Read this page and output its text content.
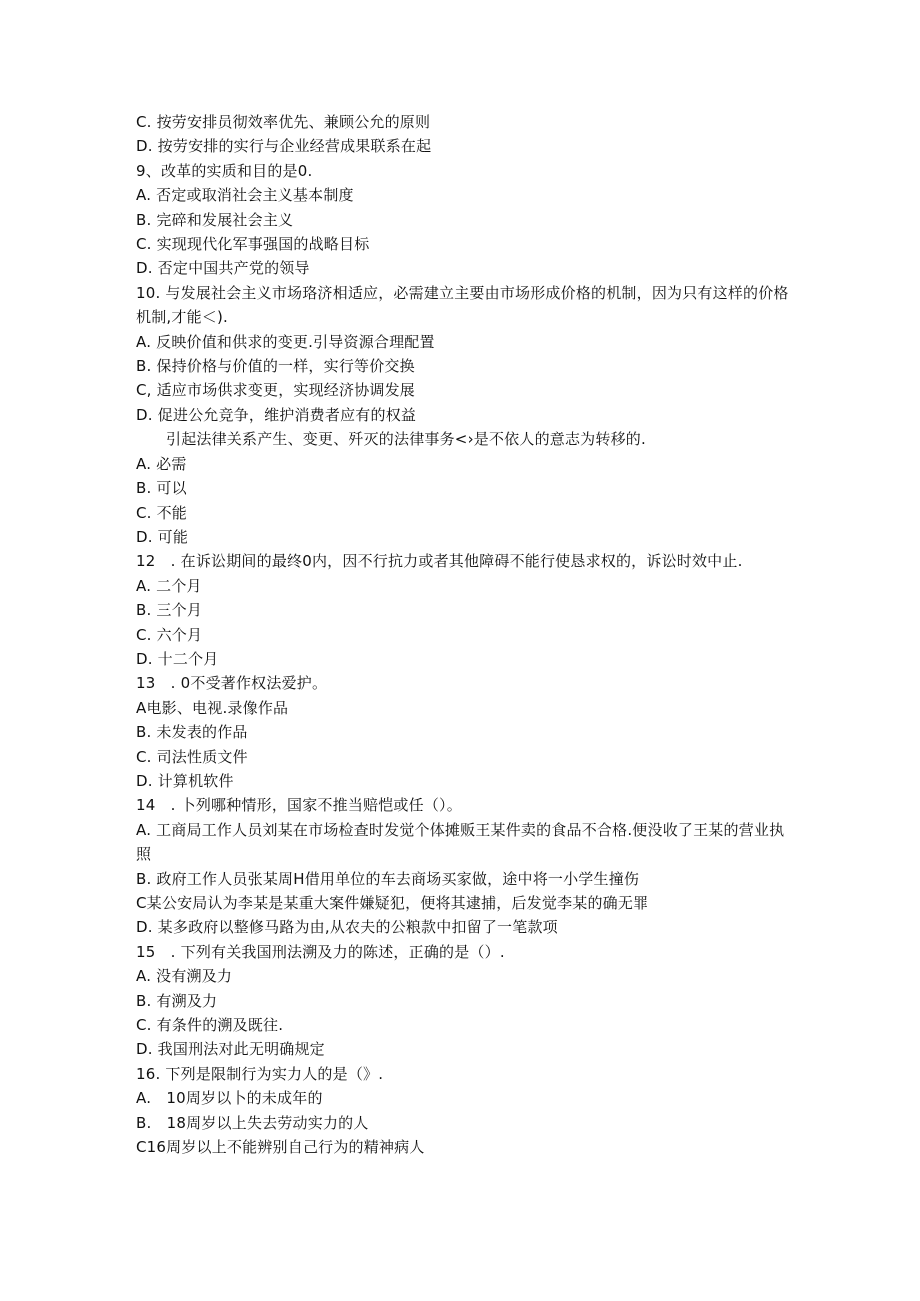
C. 按劳安排员彻效率优先、兼顾公允的原则
D. 按劳安排的实行与企业经营成果联系在起
9、改革的实质和目的是0.
A. 否定或取消社会主义基本制度
B. 完碎和发展社会主义
C. 实现现代化军事强国的战略目标
D. 否定中国共产党的领导
10. 与发展社会主义市场珞济相适应，必需建立主要由市场形成价格的机制，因为只有这样的价格机制,才能＜).
A. 反映价值和供求的变更.引导资源合理配置
B. 保持价格与价值的一样，实行等价交换
C, 适应市场供求变更，实现经济协调发展
D. 促进公允竞争，维护消费者应有的权益
引起法律关系产生、变更、歼灭的法律事务<›是不依人的意志为转移的.
A. 必需
B. 可以
C. 不能
D. 可能
12　. 在诉讼期间的最终0内，因不行抗力或者其他障碍不能行使恳求权的，诉讼时效中止.
A. 二个月
B. 三个月
C. 六个月
D. 十二个月
13　. 0不受著作权法爱护。
A电影、电视.录像作品
B. 未发表的作品
C. 司法性质文件
D. 计算机软件
14　. 卜列哪种情形，国家不推当赔恺或任（）。
A. 工商局工作人员刘某在市场检查时发觉个体摊贩王某件卖的食品不合格.便没收了王某的营业执照
B. 政府工作人员张某周H借用单位的车去商场买家做，途中将一小学生撞伤
C某公安局认为李某是某重大案件嫌疑犯，便将其逮捕，后发觉李某的确无罪
D. 某多政府以整修马路为由,从农夫的公粮款中扣留了一笔款项
15　. 下列有关我国刑法溯及力的陈述，正确的是（）.
A. 没有溯及力
B. 有溯及力
C. 有条件的溯及既往.
D. 我国刑法对此无明确规定
16. 下列是限制行为实力人的是（》.
A.　10周岁以卜的未成年的
B.　18周岁以上失去劳动实力的人
C16周岁以上不能辨别自己行为的精神病人
